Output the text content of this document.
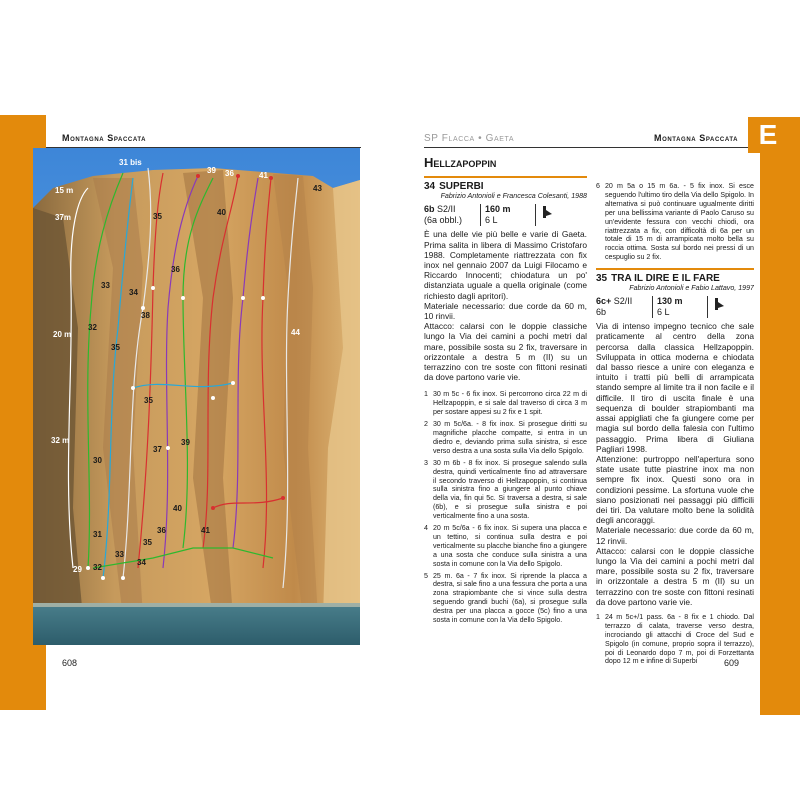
Montagna Spaccata
31 bis
39 36	41
43
15 m
37m	35	40
33
34
36
38
20 m
32
44
35
35
32 m
30
37
39
31
40
36	41
35
33
34
29 32
608
SP Flacca • Gaeta	Montagna Spaccata E
Hellzapoppin
34 SUPERBI
Fabrizio Antonioli e Francesca Colesanti, 1988
6b S2/II
(6a obbl.)
160 m
6 L

È una delle vie più belle e varie di Gaeta. Prima salita in libera di Massimo Cristofaro 1988. Completamente riattrezzata con fix inox nel gennaio 2007 da Luigi Filocamo e Riccardo Innocenti; chiodatura un po' distanziata uguale a quella originale (come richiesto dagli apritori).

Materiale necessario: due corde da 60 m, 10 rinvii.

Attacco: calarsi con le doppie classiche lungo la Via dei camini a pochi metri dal mare, possibile sosta su 2 fix, traversare in orizzontale a destra 5 m (II) su un terrazzino con tre soste con fittoni resinati da dove partono varie vie.

1 30 m 5c - 6 fix inox. Si percorrono circa 22 m di Hellzapoppin, e si sale dal traverso di circa 3 m per sostare appesi su 2 fix e 1 spit.
2 30 m 5c/6a. - 8 fix inox. Si prosegue diritti su magnifiche placche compatte, si entra in un diedro e, deviando prima sulla sinistra, si esce verso destra a una sosta sulla Via dello Spigolo.
3 30 m 6b - 8 fix inox. Si prosegue salendo sulla destra, quindi verticalmente fino ad attraversare il secondo traverso di Hellzapoppin, si continua sulla sinistra fino a giungere al punto chiave della via, fin qui 5c. Si traversa a destra, si sale (6b), e si prosegue sulla sinistra e poi verticalmente fino a una sosta.
4 20 m 5c/6a - 6 fix inox. Si supera una placca e un tettino, si continua sulla destra e poi verticalmente su placche bianche fino a giungere a una sosta che conduce sulla sinistra a una sosta in comune con la Via dello Spigolo.
5 25 m. 6a - 7 fix inox. Si riprende la placca a destra, si sale fino a una fessura che porta a una zona strapiombante che si vince sulla destra seguendo grandi buchi (6a), si prosegue sulla destra per una placca a gocce (5c) fino a una sosta in comune con la Via dello Spigolo.
6 20 m 5a o 15 m 6a. - 5 fix inox. Si esce seguendo l'ultimo tiro della Via dello Spigolo. In alternativa si può continuare ugualmente diritti per una bellissima variante di Paolo Caruso su un'evidente fessura con vecchi chiodi, ora riattrezzata a fix, con difficoltà di 6a per un totale di 15 m di arrampicata molto bella su roccia ottima. Sosta sul bordo nei pressi di un cespuglio su 2 fix.
35 TRA IL DIRE E IL FARE
Fabrizio Antonioli e Fabio Lattavo, 1997
6c+ S2/II
6b
130 m
6 L

Via di intenso impegno tecnico che sale praticamente al centro della zona percorsa dalla classica Hellzapoppin. Sviluppata in ottica moderna e chiodata dal basso riesce a unire con eleganza e intuito i tratti più belli di arrampicata stando sempre al limite tra il non facile e il difficile. Il tiro di uscita finale è una sequenza di boulder strapiombanti ma assai appigliati che fa giungere come per magia sul bordo della falesia con l'ultimo passaggio. Prima libera di Giuliana Pagliari 1998.

Attenzione: purtroppo nell'apertura sono state usate tutte piastrine inox ma non sempre fix inox. Questi sono ora in condizioni pessime. La sfortuna vuole che siano posizionati nei passaggi più difficili dei tiri. Da valutare molto bene la solidità degli ancoraggi.

Materiale necessario: due corde da 60 m, 12 rinvii.

Attacco: calarsi con le doppie classiche lungo la Via dei camini a pochi metri dal mare, possibile sosta su 2 fix, traversare in orizzontale a destra 5 m (II) su un terrazzino con tre soste con fittoni resinati da dove partono varie vie.

1 24 m 5c+/1 pass. 6a - 8 fix e 1 chiodo. Dal terrazzo di calata, traverse verso destra, incrociando gli attacchi di Croce del Sud e Spigolo (in comune, proprio sopra il terrazzo), poi di Leonardo dopo 7 m, poi di Forzettanta dopo 12 m e infine di Superbi	609
